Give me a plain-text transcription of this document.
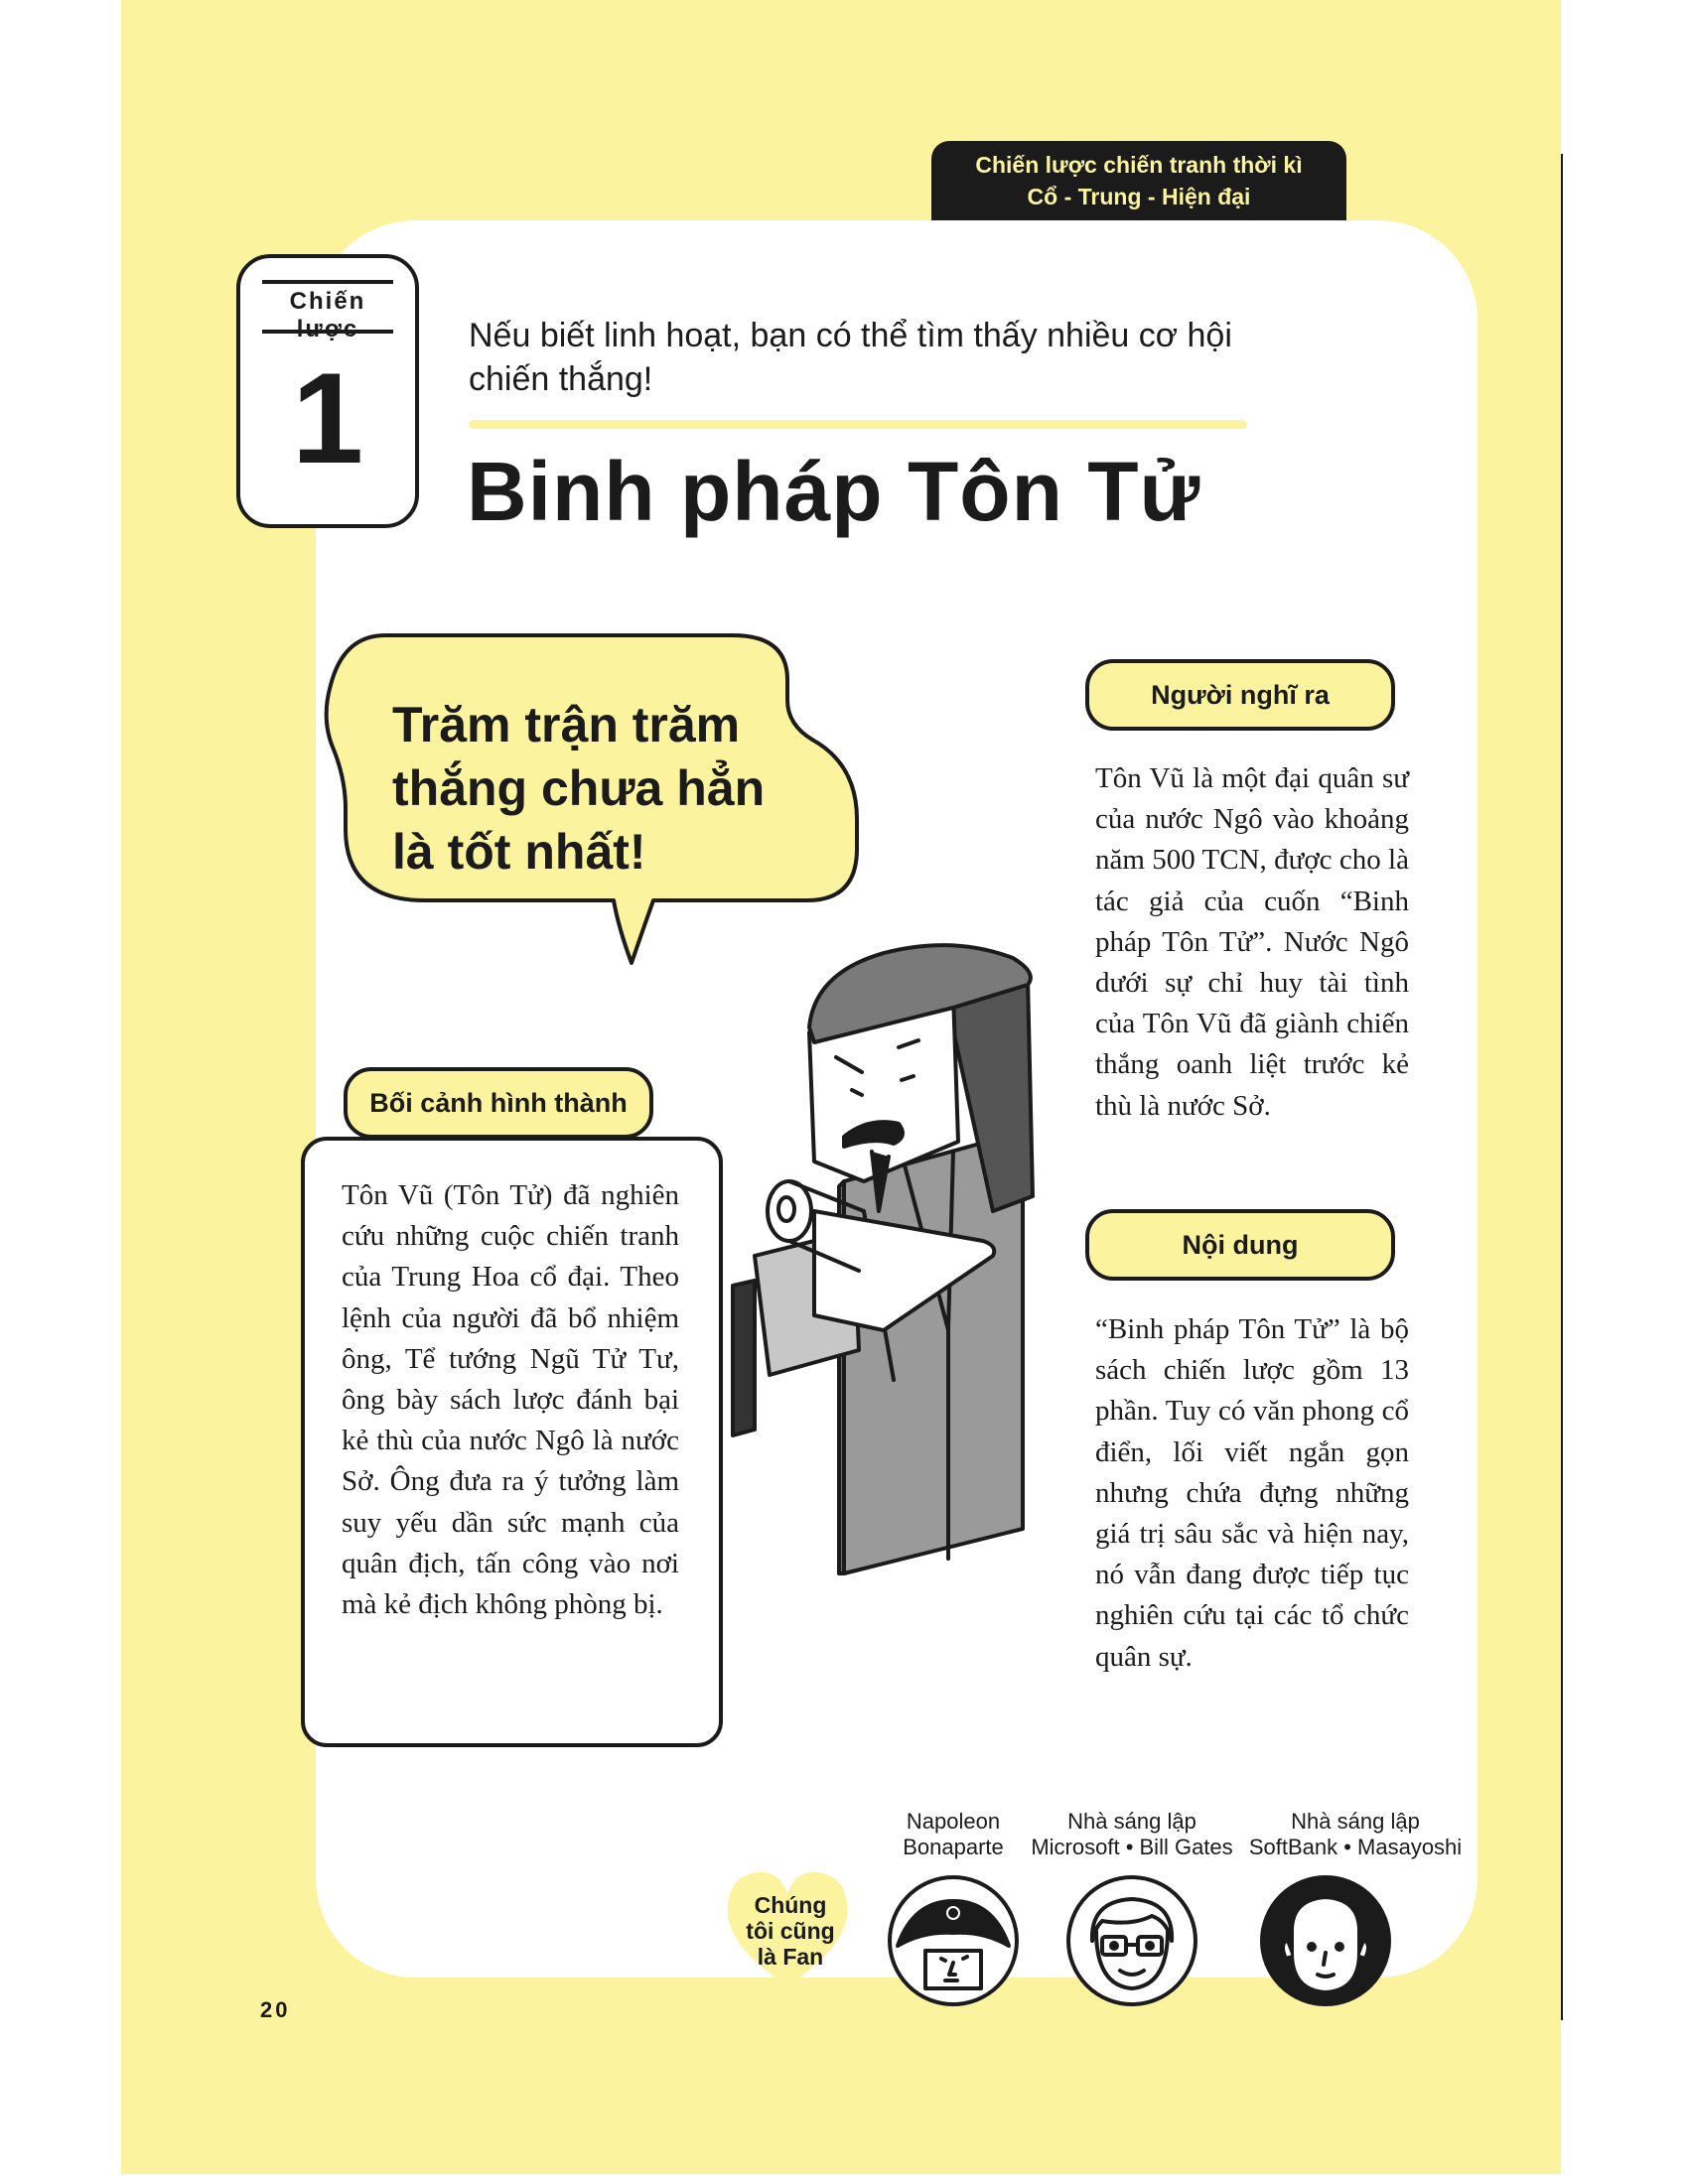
Chiến lược chiến tranh thời kì
Cổ - Trung - Hiện đại
Chiến
1
Nếu biết linh hoạt, bạn có thể tìm thấy nhiều cơ hội
chiến thắng!
Binh pháp Tôn Tử
Trăm trận trăm
thắng chưa hẳn
là tốt nhất!
Bối cảnh hình thành
Tôn Vũ (Tôn Tử) đã nghiên cứu những cuộc chiến tranh của Trung Hoa cổ đại. Theo lệnh của người đã bổ nhiệm ông, Tể tướng Ngũ Tử Tư, ông bày sách lược đánh bại kẻ thù của nước Ngô là nước Sở. Ông đưa ra ý tưởng làm suy yếu dần sức mạnh của quân địch, tấn công vào nơi mà kẻ địch không phòng bị.
Người nghĩ ra
Tôn Vũ là một đại quân sư của nước Ngô vào khoảng năm 500 TCN, được cho là tác giả của cuốn “Binh pháp Tôn Tử”. Nước Ngô dưới sự chỉ huy tài tình của Tôn Vũ đã giành chiến thắng oanh liệt trước kẻ thù là nước Sở.
Nội dung
“Binh pháp Tôn Tử” là bộ sách chiến lược gồm 13 phần. Tuy có văn phong cổ điển, lối viết ngắn gọn nhưng chứa đựng những giá trị sâu sắc và hiện nay, nó vẫn đang được tiếp tục nghiên cứu tại các tổ chức quân sự.
20
Chúng
tôi cũng
là Fan
Napoleon
Bonaparte
Nhà sáng lập
Microsoft • Bill Gates
Nhà sáng lập
SoftBank • Masayoshi
